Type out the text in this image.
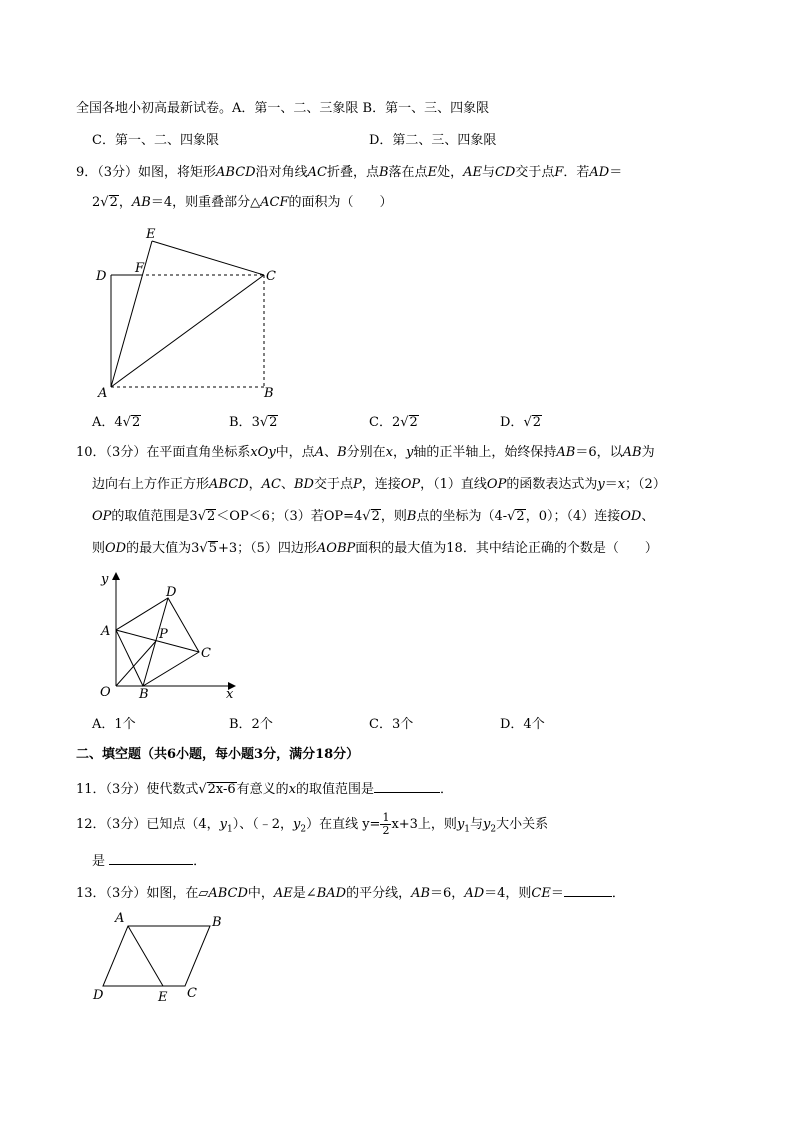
全国各地小初高最新试卷。A．第一、二、三象限 B．第一、三、四象限
C．第一、二、四象限	D．第二、三、四象限
9．（3分）如图，将矩形ABCD沿对角线AC折叠，点B落在点E处，AE与CD交于点F．若AD＝
2√2，AB＝4，则重叠部分△ACF的面积为（　　）
E
D
F
C
A	B
A．4√2	B．3√2	C．2√2	D．√2
10．（3分）在平面直角坐标系xOy中，点A、B分别在x，y轴的正半轴上，始终保持AB＝6，以AB为
边向右上方作正方形ABCD，AC、BD交于点P，连接OP，（1）直线OP的函数表达式为y＝x；（2）
OP的取值范围是3√2＜OP＜6；（3）若OP=4√2，则B点的坐标为（4-√2，0）；（4）连接OD、
则OD的最大值为3√5+3；（5）四边形AOBP面积的最大值为18．其中结论正确的个数是（　　）
y
D
A	P
C
O B	x
A．1个	B．2个	C．3个	D．4个
二、填空题（共6小题，每小题3分，满分18分）
11．（3分）使代数式√2x-6有意义的x的取值范围是	．
12．（3分）已知点（4，$y_1$）、（﹣2，$y_2$）在直线 $y= \frac{1}{2} x+3$上，则$y_1$与$y_2$大小关系
是	．
13．（3分）如图，在▱ABCD中，AE是∠BAD的平分线，AB＝6，AD＝4，则CE＝	．
A	B
D	E C
